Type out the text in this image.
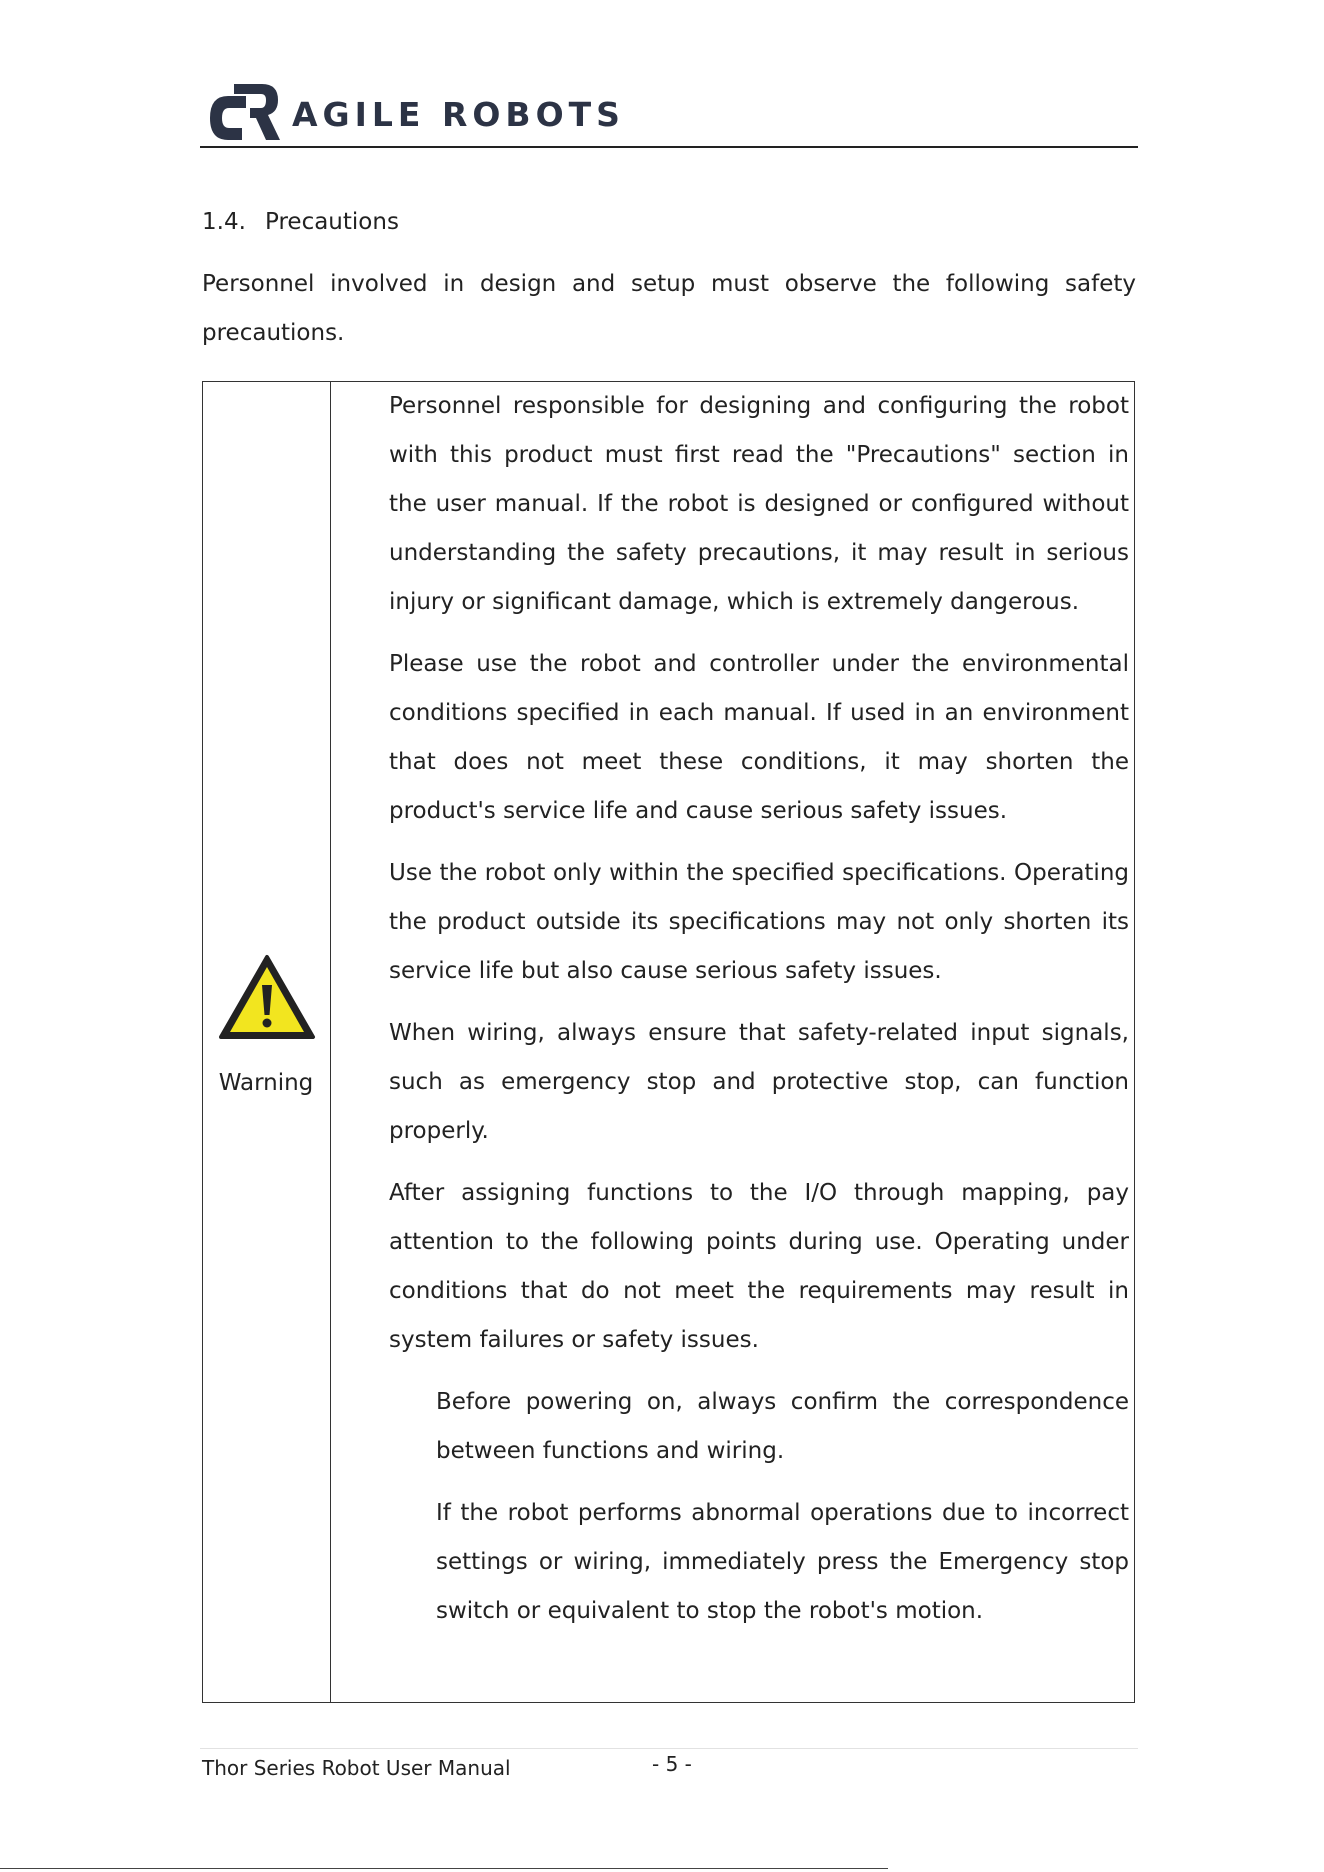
AGILE ROBOTS
1.4. Precautions

Personnel involved in design and setup must observe the following safety precautions.

Warning

Personnel responsible for designing and configuring the robot with this product must first read the "Precautions" section in the user manual. If the robot is designed or configured without understanding the safety precautions, it may result in serious injury or significant damage, which is extremely dangerous.

Please use the robot and controller under the environmental conditions specified in each manual. If used in an environment that does not meet these conditions, it may shorten the product's service life and cause serious safety issues.

Use the robot only within the specified specifications. Operating the product outside its specifications may not only shorten its service life but also cause serious safety issues.

When wiring, always ensure that safety-related input signals, such as emergency stop and protective stop, can function properly.

After assigning functions to the I/O through mapping, pay attention to the following points during use. Operating under conditions that do not meet the requirements may result in system failures or safety issues.

Before powering on, always confirm the correspondence between functions and wiring.

If the robot performs abnormal operations due to incorrect settings or wiring, immediately press the Emergency stop switch or equivalent to stop the robot's motion.

Thor Series Robot User Manual	- 5 -
